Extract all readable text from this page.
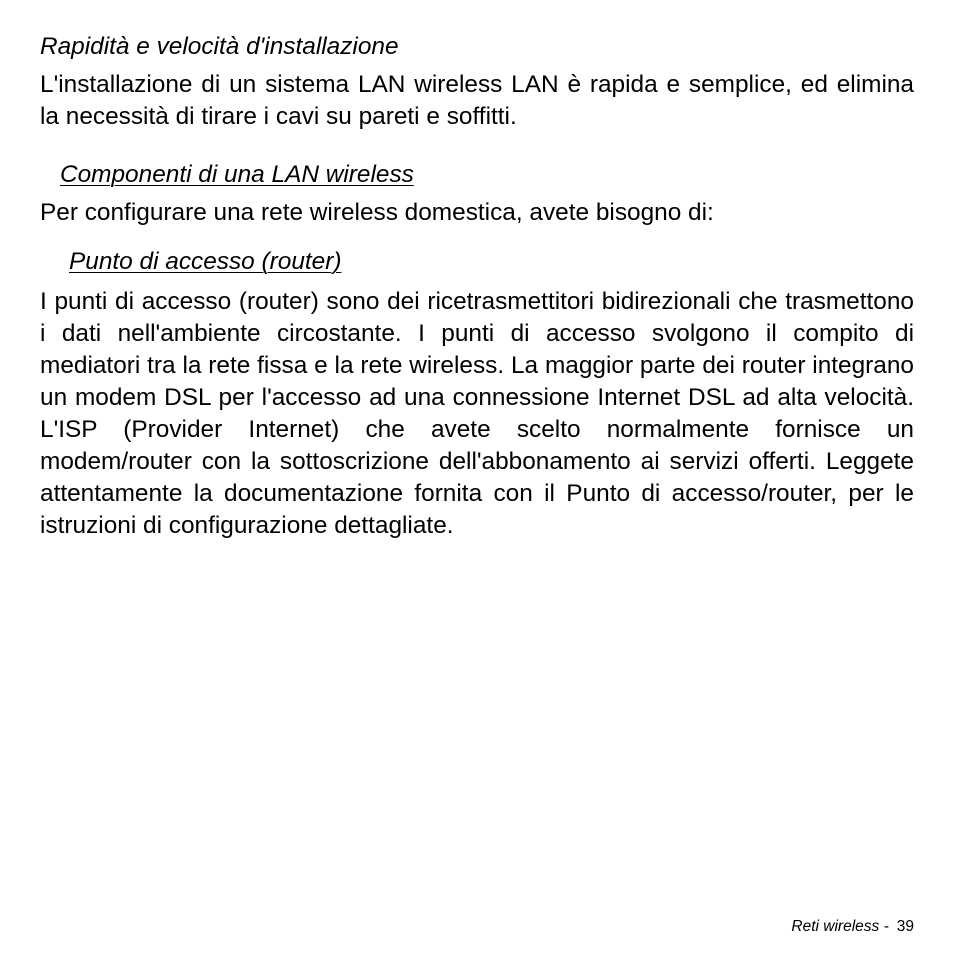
Rapidità e velocità d'installazione

L'installazione di un sistema LAN wireless LAN è rapida e semplice, ed elimina la necessità di tirare i cavi su pareti e soffitti.

Componenti di una LAN wireless

Per configurare una rete wireless domestica, avete bisogno di:

Punto di accesso (router)

I punti di accesso (router) sono dei ricetrasmettitori bidirezionali che trasmettono i dati nell'ambiente circostante. I punti di accesso svolgono il compito di mediatori tra la rete fissa e la rete wireless. La maggior parte dei router integrano un modem DSL per l'accesso ad una connessione Internet DSL ad alta velocità. L'ISP (Provider Internet) che avete scelto normalmente fornisce un modem/router con la sottoscrizione dell'abbonamento ai servizi offerti. Leggete attentamente la documentazione fornita con il Punto di accesso/router, per le istruzioni di configurazione dettagliate.

Reti wireless - 39
